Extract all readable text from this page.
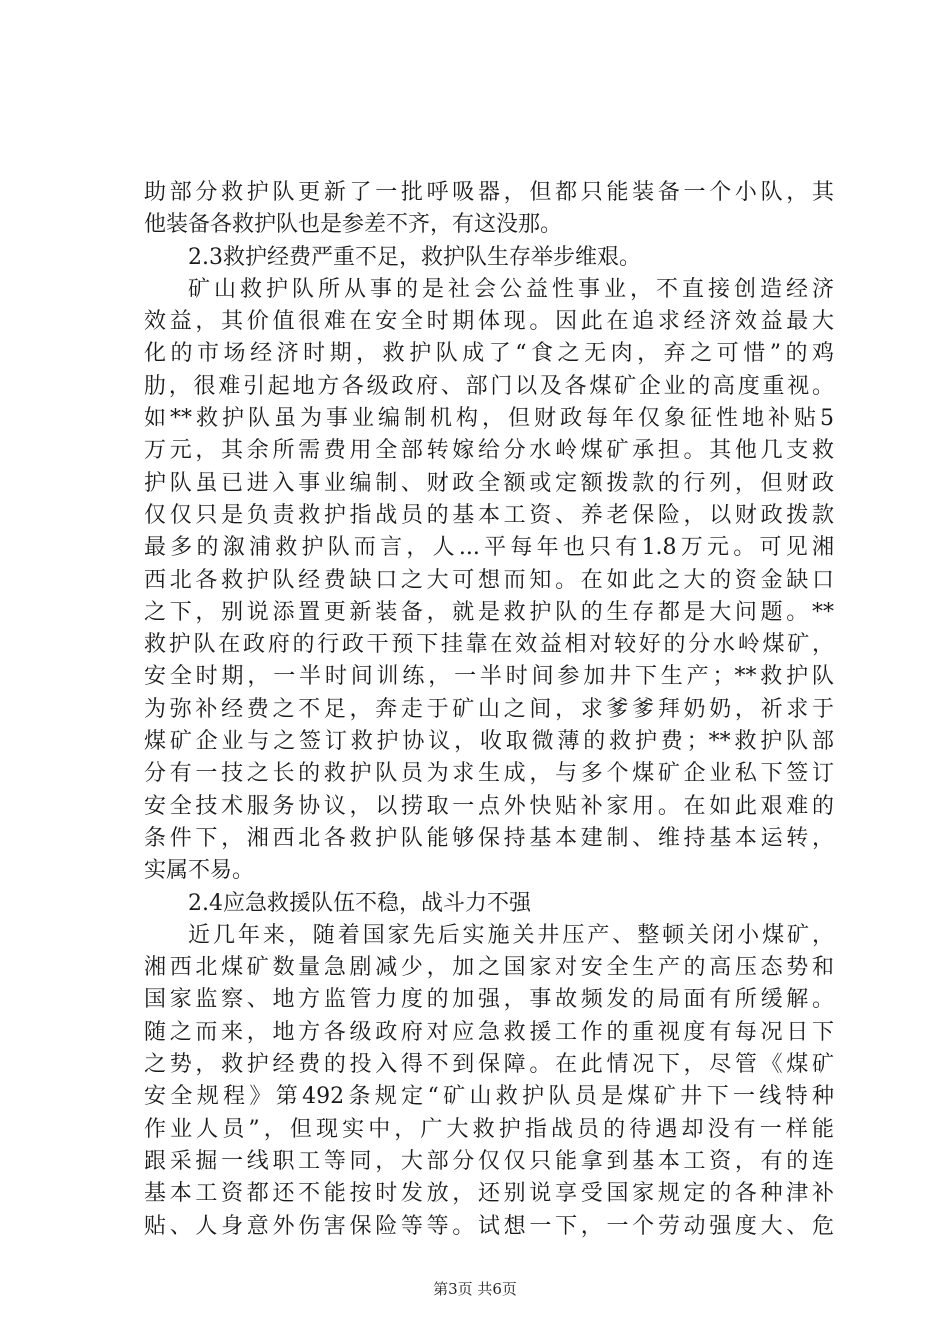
助部分救护队更新了一批呼吸器，但都只能装备一个小队，其
他装备各救护队也是参差不齐，有这没那。
2.3救护经费严重不足，救护队生存举步维艰。
矿山救护队所从事的是社会公益性事业，不直接创造经济
效益，其价值很难在安全时期体现。因此在追求经济效益最大
化的市场经济时期，救护队成了“食之无肉，弃之可惜”的鸡
肋，很难引起地方各级政府、部门以及各煤矿企业的高度重视。
如**救护队虽为事业编制机构，但财政每年仅象征性地补贴5
万元，其余所需费用全部转嫁给分水岭煤矿承担。其他几支救
护队虽已进入事业编制、财政全额或定额拨款的行列，但财政
仅仅只是负责救护指战员的基本工资、养老保险，以财政拨款
最多的溆浦救护队而言，人...平每年也只有1.8万元。可见湘
西北各救护队经费缺口之大可想而知。在如此之大的资金缺口
之下，别说添置更新装备，就是救护队的生存都是大问题。**
救护队在政府的行政干预下挂靠在效益相对较好的分水岭煤矿，
安全时期，一半时间训练，一半时间参加井下生产；**救护队
为弥补经费之不足，奔走于矿山之间，求爹爹拜奶奶，祈求于
煤矿企业与之签订救护协议，收取微薄的救护费；**救护队部
分有一技之长的救护队员为求生成，与多个煤矿企业私下签订
安全技术服务协议，以捞取一点外快贴补家用。在如此艰难的
条件下，湘西北各救护队能够保持基本建制、维持基本运转，
实属不易。
2.4应急救援队伍不稳，战斗力不强
近几年来，随着国家先后实施关井压产、整顿关闭小煤矿，
湘西北煤矿数量急剧减少，加之国家对安全生产的高压态势和
国家监察、地方监管力度的加强，事故频发的局面有所缓解。
随之而来，地方各级政府对应急救援工作的重视度有每况日下
之势，救护经费的投入得不到保障。在此情况下，尽管《煤矿
安全规程》第492条规定“矿山救护队员是煤矿井下一线特种
作业人员”，但现实中，广大救护指战员的待遇却没有一样能
跟采掘一线职工等同，大部分仅仅只能拿到基本工资，有的连
基本工资都还不能按时发放，还别说享受国家规定的各种津补
贴、人身意外伤害保险等等。试想一下，一个劳动强度大、危
第3页 共6页
